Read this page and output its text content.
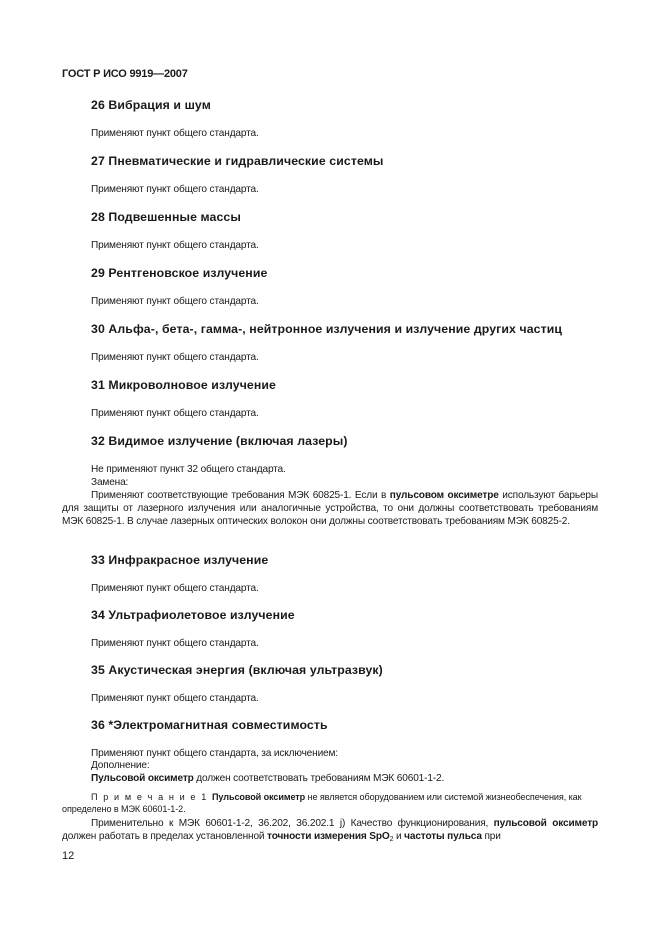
ГОСТ Р ИСО 9919—2007
26 Вибрация и шум
Применяют пункт общего стандарта.
27 Пневматические и гидравлические системы
Применяют пункт общего стандарта.
28 Подвешенные массы
Применяют пункт общего стандарта.
29 Рентгеновское излучение
Применяют пункт общего стандарта.
30 Альфа-, бета-, гамма-, нейтронное излучения и излучение других частиц
Применяют пункт общего стандарта.
31 Микроволновое излучение
Применяют пункт общего стандарта.
32 Видимое излучение (включая лазеры)
Не применяют пункт 32 общего стандарта.
Замена:
Применяют соответствующие требования МЭК 60825-1. Если в пульсовом оксиметре используют барьеры для защиты от лазерного излучения или аналогичные устройства, то они должны соответствовать требованиям МЭК 60825-1. В случае лазерных оптических волокон они должны соответствовать требованиям МЭК 60825-2.
33 Инфракрасное излучение
Применяют пункт общего стандарта.
34 Ультрафиолетовое излучение
Применяют пункт общего стандарта.
35 Акустическая энергия (включая ультразвук)
Применяют пункт общего стандарта.
36 *Электромагнитная совместимость
Применяют пункт общего стандарта, за исключением:
Дополнение:
Пульсовой оксиметр должен соответствовать требованиям МЭК 60601-1-2.
П р и м е ч а н и е 1 Пульсовой оксиметр не является оборудованием или системой жизнеобеспечения, как определено в МЭК 60601-1-2.
Применительно к МЭК 60601-1-2, 36.202, 36.202.1 j) Качество функционирования, пульсовой оксиметр должен работать в пределах установленной точности измерения SpO$_2$ и частоты пульса при
12
